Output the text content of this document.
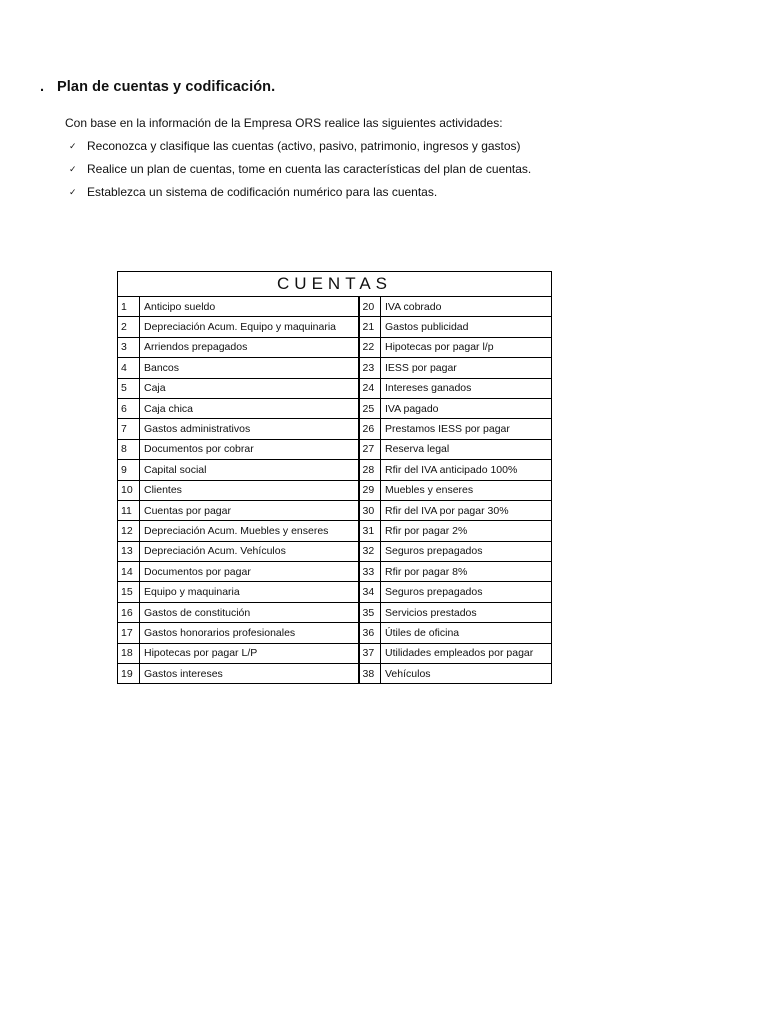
. Plan de cuentas y codificación.
Con base en la información de la Empresa ORS realice las siguientes actividades:
✓ Reconozca y clasifique las cuentas (activo, pasivo, patrimonio, ingresos y gastos)
✓ Realice un plan de cuentas, tome en cuenta las características del plan de cuentas.
✓ Establezca un sistema de codificación numérico para las cuentas.
CUENTAS			
1	Anticipo sueldo	20	IVA cobrado
2	Depreciación Acum. Equipo y maquinaria	21	Gastos publicidad
3	Arriendos prepagados	22	Hipotecas por pagar l/p
4	Bancos	23	IESS por pagar
5	Caja	24	Intereses ganados
6	Caja chica	25	IVA pagado
7	Gastos administrativos	26	Prestamos IESS por pagar
8	Documentos por cobrar	27	Reserva legal
9	Capital social	28	Rfir del IVA anticipado 100%
10	Clientes	29	Muebles y enseres
11	Cuentas por pagar	30	Rfir del IVA por pagar 30%
12	Depreciación Acum. Muebles y enseres	31	Rfir por pagar 2%
13	Depreciación Acum. Vehículos	32	Seguros prepagados
14	Documentos por pagar	33	Rfir por pagar 8%
15	Equipo y maquinaria	34	Seguros prepagados
16	Gastos de constitución	35	Servicios prestados
17	Gastos honorarios profesionales	36	Útiles de oficina
18	Hipotecas por pagar L/P	37	Utilidades empleados por pagar
19	Gastos intereses	38	Vehículos
